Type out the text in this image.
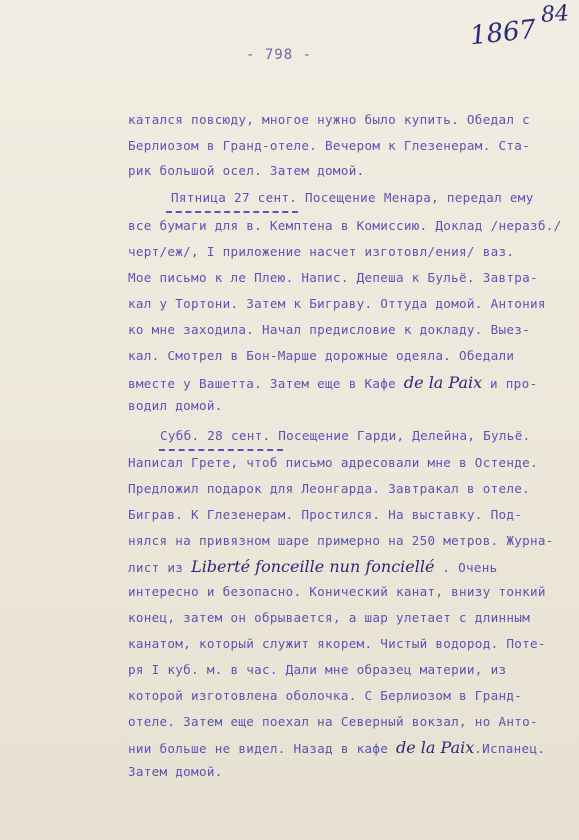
1867
84
- 798 -
катался повсюду, многое нужно было купить. Обедал с
Берлиозом в Гранд-отеле. Вечером к Глезенерам. Ста-
рик большой осел. Затем домой.
Пятница 27 сент. Посещение Менара, передал ему
все бумаги для в. Кемптена в Комиссию. Доклад /неразб./
черт/еж/, I приложение насчет изготовл/ения/ ваз.
Мое письмо к ле Плею. Напис. Депеша к Бульё. Завтра-
кал у Тортони. Затем к Биграву. Оттуда домой. Антония
ко мне заходила. Начал предисловие к докладу. Выез-
кал. Смотрел в Бон-Марше дорожные одеяла. Обедали
вместе у Вашетта. Затем еще в Кафе de la Paix и про-
водил домой.
Субб. 28 сент. Посещение Гарди, Делейна, Бульё.
Написал Грете, чтоб письмо адресовали мне в Остенде.
Предложил подарок для Леонгарда. Завтракал в отеле.
Биграв. К Глезенерам. Простился. На выставку. Под-
нялся на привязном шаре примерно на 250 метров. Журна-
лист из Liberté fonceille nun fonciellé . Очень
интересно и безопасно. Конический канат, внизу тонкий
конец, затем он обрывается, а шар улетает с длинным
канатом, который служит якорем. Чистый водород. Поте-
ря I куб. м. в час. Дали мне образец материи, из
которой изготовлена оболочка. С Берлиозом в Гранд-
отеле. Затем еще поехал на Северный вокзал, но Анто-
нии больше не видел. Назад в кафе de la Paix.Испанец.
Затем домой.
